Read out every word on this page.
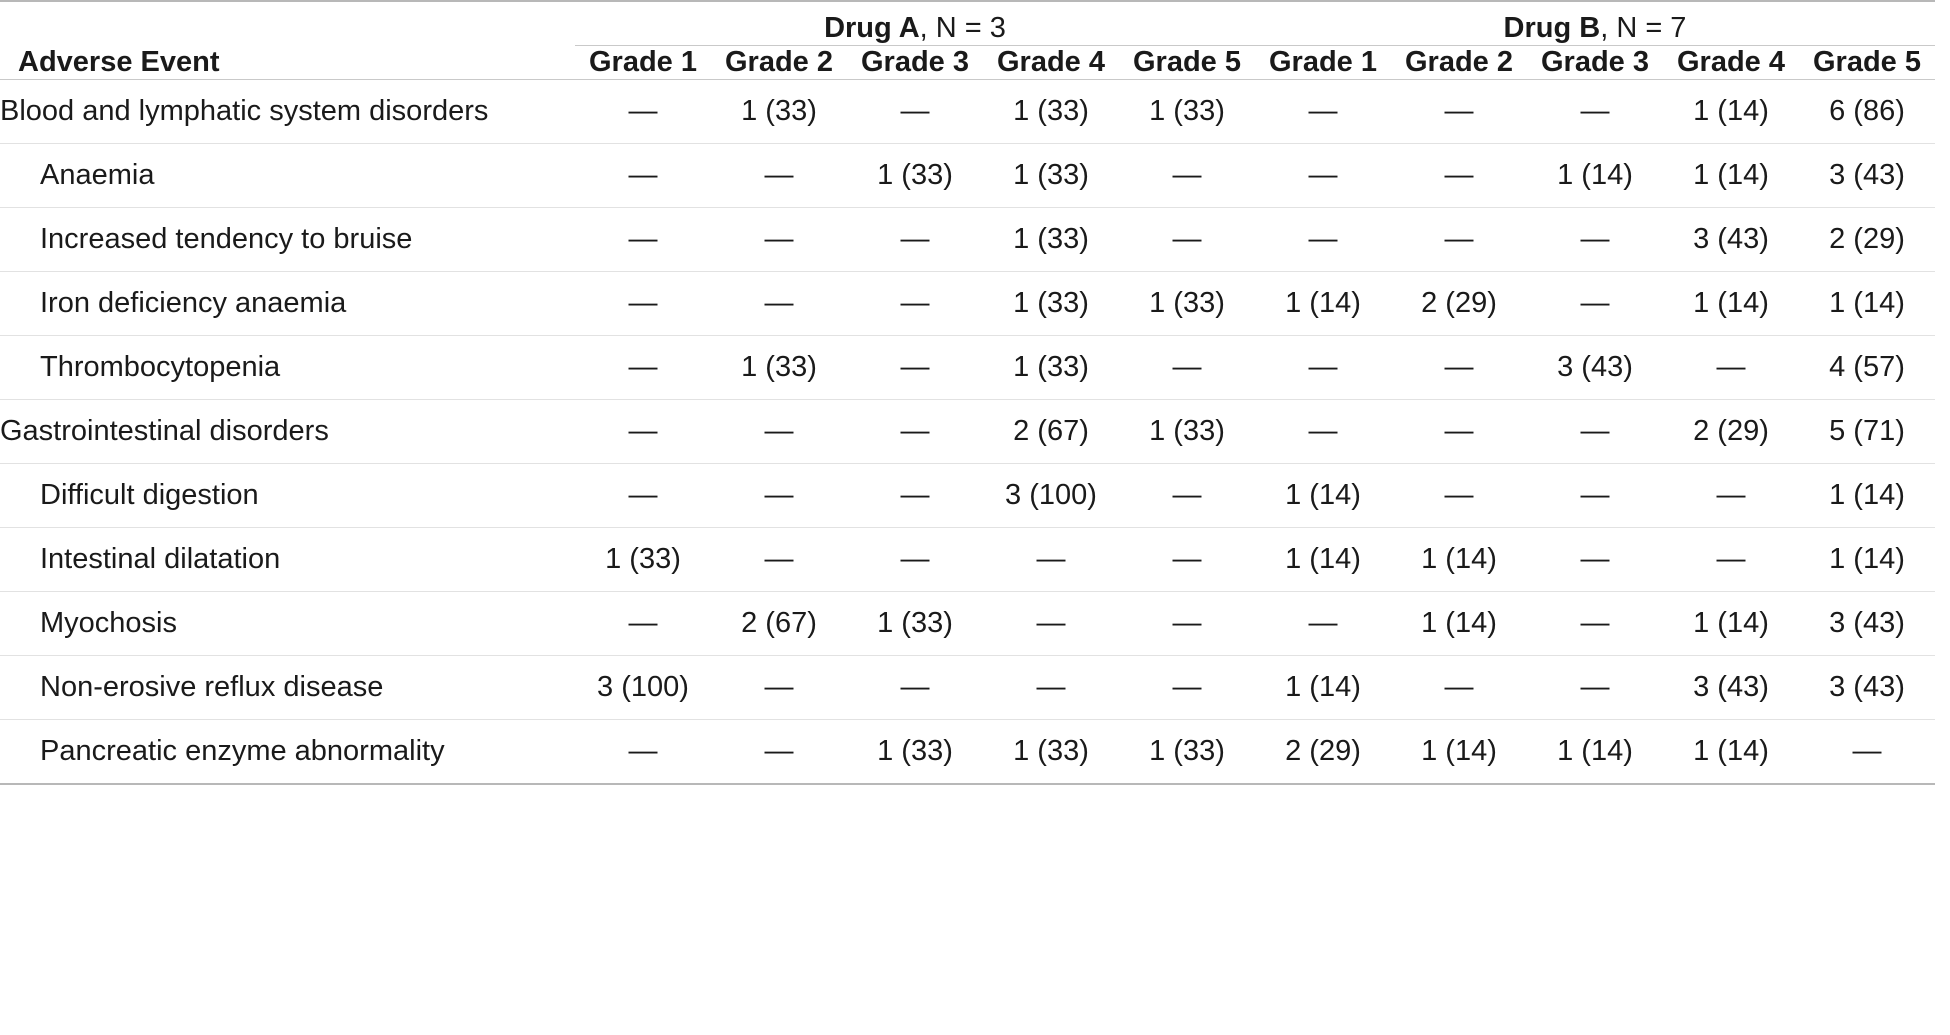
	Drug A, N = 3					Drug B, N = 7				
Adverse Event	Grade 1	Grade 2	Grade 3	Grade 4	Grade 5	Grade 1	Grade 2	Grade 3	Grade 4	Grade 5
Blood and lymphatic system disorders	—	1 (33)	—	1 (33)	1 (33)	—	—	—	1 (14)	6 (86)
Anaemia	—	—	1 (33)	1 (33)	—	—	—	1 (14)	1 (14)	3 (43)
Increased tendency to bruise	—	—	—	1 (33)	—	—	—	—	3 (43)	2 (29)
Iron deficiency anaemia	—	—	—	1 (33)	1 (33)	1 (14)	2 (29)	—	1 (14)	1 (14)
Thrombocytopenia	—	1 (33)	—	1 (33)	—	—	—	3 (43)	—	4 (57)
Gastrointestinal disorders	—	—	—	2 (67)	1 (33)	—	—	—	2 (29)	5 (71)
Difficult digestion	—	—	—	3 (100)	—	1 (14)	—	—	—	1 (14)
Intestinal dilatation	1 (33)	—	—	—	—	1 (14)	1 (14)	—	—	1 (14)
Myochosis	—	2 (67)	1 (33)	—	—	—	1 (14)	—	1 (14)	3 (43)
Non-erosive reflux disease	3 (100)	—	—	—	—	1 (14)	—	—	3 (43)	3 (43)
Pancreatic enzyme abnormality	—	—	1 (33)	1 (33)	1 (33)	2 (29)	1 (14)	1 (14)	1 (14)	—
